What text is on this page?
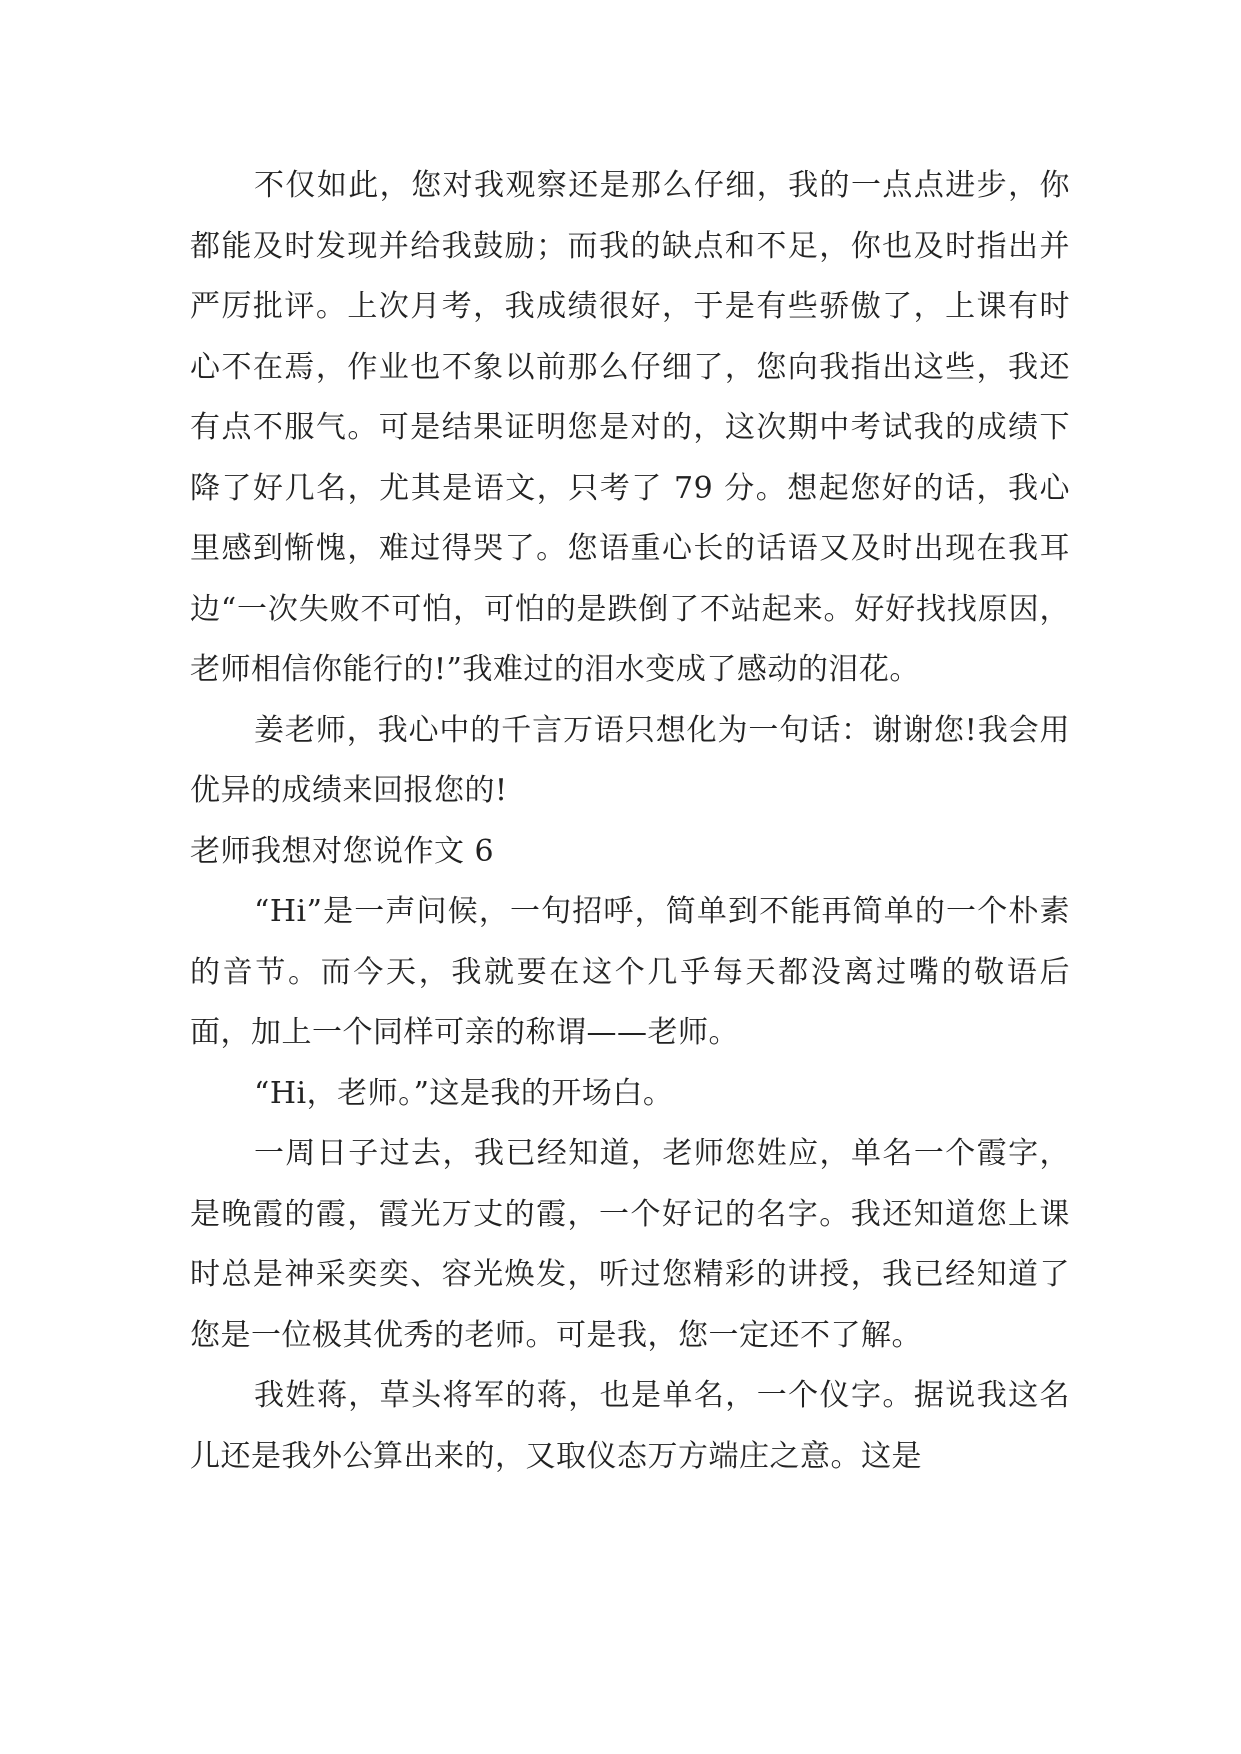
不仅如此，您对我观察还是那么仔细，我的一点点进步，你都能及时发现并给我鼓励；而我的缺点和不足，你也及时指出并严厉批评。上次月考，我成绩很好，于是有些骄傲了，上课有时心不在焉，作业也不象以前那么仔细了，您向我指出这些，我还有点不服气。可是结果证明您是对的，这次期中考试我的成绩下降了好几名，尤其是语文，只考了 79 分。想起您好的话，我心里感到惭愧，难过得哭了。您语重心长的话语又及时出现在我耳边“一次失败不可怕，可怕的是跌倒了不站起来。好好找找原因，老师相信你能行的!”我难过的泪水变成了感动的泪花。

姜老师，我心中的千言万语只想化为一句话：谢谢您!我会用优异的成绩来回报您的!

老师我想对您说作文 6

“Hi”是一声问候，一句招呼，简单到不能再简单的一个朴素的音节。而今天，我就要在这个几乎每天都没离过嘴的敬语后面，加上一个同样可亲的称谓——老师。

“Hi，老师。”这是我的开场白。

一周日子过去，我已经知道，老师您姓应，单名一个霞字，是晚霞的霞，霞光万丈的霞，一个好记的名字。我还知道您上课时总是神采奕奕、容光焕发，听过您精彩的讲授，我已经知道了您是一位极其优秀的老师。可是我，您一定还不了解。

我姓蒋，草头将军的蒋，也是单名，一个仪字。据说我这名儿还是我外公算出来的，又取仪态万方端庄之意。这是
